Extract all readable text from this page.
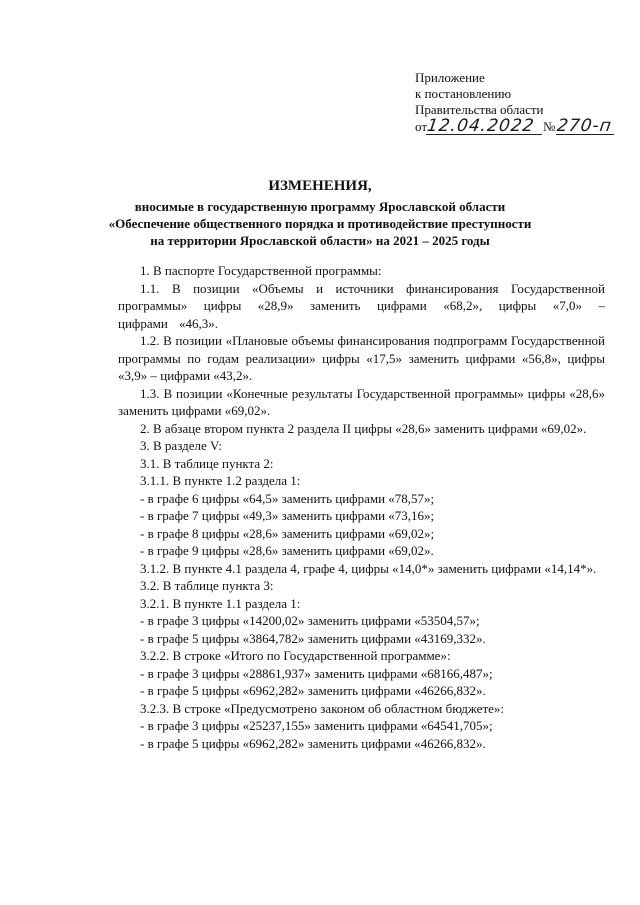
Приложение
к постановлению
Правительства области
от
12.04.2022 № 270-п
ИЗМЕНЕНИЯ,
вносимые в государственную программу Ярославской области
«Обеспечение общественного порядка и противодействие преступности
на территории Ярославской области» на 2021 – 2025 годы

1. В паспорте Государственной программы:

1.1. В позиции «Объемы и источники финансирования Государственной программы» цифры «28,9» заменить цифрами «68,2», цифры «7,0» – цифрами «46,3».

1.2. В позиции «Плановые объемы финансирования подпрограмм Государственной программы по годам реализации» цифры «17,5» заменить цифрами «56,8», цифры «3,9» – цифрами «43,2».

1.3. В позиции «Конечные результаты Государственной программы» цифры «28,6» заменить цифрами «69,02».

2. В абзаце втором пункта 2 раздела II цифры «28,6» заменить цифрами «69,02».

3. В разделе V:

3.1. В таблице пункта 2:

3.1.1. В пункте 1.2 раздела 1:

- в графе 6 цифры «64,5» заменить цифрами «78,57»;

- в графе 7 цифры «49,3» заменить цифрами «73,16»;

- в графе 8 цифры «28,6» заменить цифрами «69,02»;

- в графе 9 цифры «28,6» заменить цифрами «69,02».

3.1.2. В пункте 4.1 раздела 4, графе 4, цифры «14,0*» заменить цифрами «14,14*».

3.2. В таблице пункта 3:

3.2.1. В пункте 1.1 раздела 1:

- в графе 3 цифры «14200,02» заменить цифрами «53504,57»;

- в графе 5 цифры «3864,782» заменить цифрами «43169,332».

3.2.2. В строке «Итого по Государственной программе»:

- в графе 3 цифры «28861,937» заменить цифрами «68166,487»;

- в графе 5 цифры «6962,282» заменить цифрами «46266,832».

3.2.3. В строке «Предусмотрено законом об областном бюджете»:

- в графе 3 цифры «25237,155» заменить цифрами «64541,705»;

- в графе 5 цифры «6962,282» заменить цифрами «46266,832».
